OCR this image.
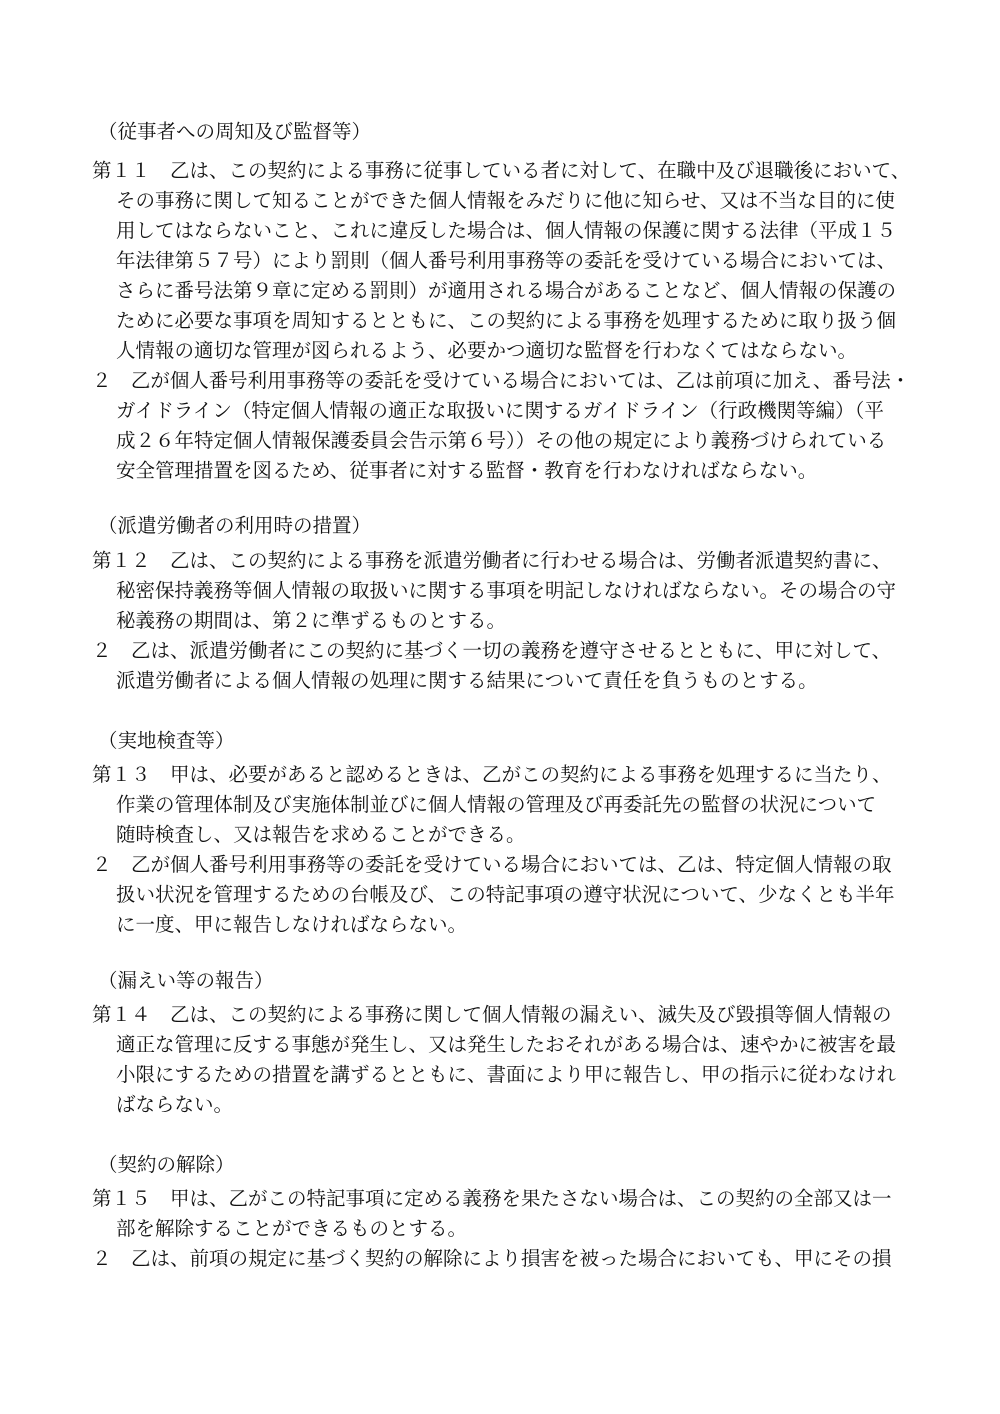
（従事者への周知及び監督等）
第１１　乙は、この契約による事務に従事している者に対して、在職中及び退職後において、
その事務に関して知ることができた個人情報をみだりに他に知らせ、又は不当な目的に使
用してはならないこと、これに違反した場合は、個人情報の保護に関する法律（平成１５
年法律第５７号）により罰則（個人番号利用事務等の委託を受けている場合においては、
さらに番号法第９章に定める罰則）が適用される場合があることなど、個人情報の保護の
ために必要な事項を周知するとともに、この契約による事務を処理するために取り扱う個
人情報の適切な管理が図られるよう、必要かつ適切な監督を行わなくてはならない。
２　乙が個人番号利用事務等の委託を受けている場合においては、乙は前項に加え、番号法・
ガイドライン（特定個人情報の適正な取扱いに関するガイドライン（行政機関等編）（平
成２６年特定個人情報保護委員会告示第６号））その他の規定により義務づけられている
安全管理措置を図るため、従事者に対する監督・教育を行わなければならない。
（派遣労働者の利用時の措置）
第１２　乙は、この契約による事務を派遣労働者に行わせる場合は、労働者派遣契約書に、
秘密保持義務等個人情報の取扱いに関する事項を明記しなければならない。その場合の守
秘義務の期間は、第２に準ずるものとする。
２　乙は、派遣労働者にこの契約に基づく一切の義務を遵守させるとともに、甲に対して、
派遣労働者による個人情報の処理に関する結果について責任を負うものとする。
（実地検査等）
第１３　甲は、必要があると認めるときは、乙がこの契約による事務を処理するに当たり、
作業の管理体制及び実施体制並びに個人情報の管理及び再委託先の監督の状況について
随時検査し、又は報告を求めることができる。
２　乙が個人番号利用事務等の委託を受けている場合においては、乙は、特定個人情報の取
扱い状況を管理するための台帳及び、この特記事項の遵守状況について、少なくとも半年
に一度、甲に報告しなければならない。
（漏えい等の報告）
第１４　乙は、この契約による事務に関して個人情報の漏えい、滅失及び毀損等個人情報の
適正な管理に反する事態が発生し、又は発生したおそれがある場合は、速やかに被害を最
小限にするための措置を講ずるとともに、書面により甲に報告し、甲の指示に従わなけれ
ばならない。
（契約の解除）
第１５　甲は、乙がこの特記事項に定める義務を果たさない場合は、この契約の全部又は一
部を解除することができるものとする。
２　乙は、前項の規定に基づく契約の解除により損害を被った場合においても、甲にその損
